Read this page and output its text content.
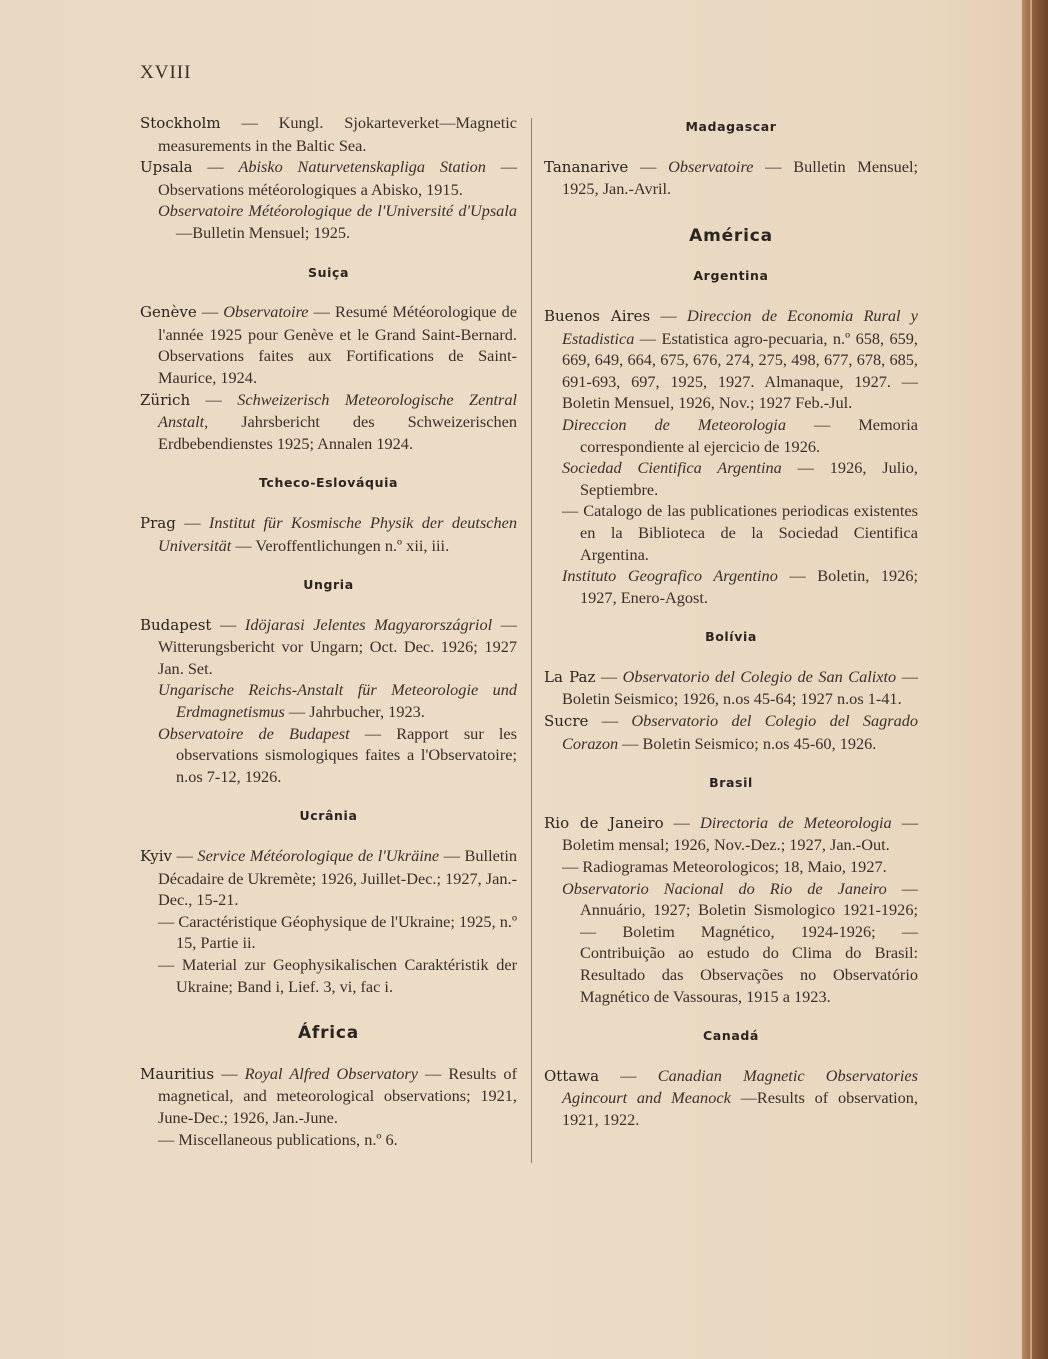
XVIII
Stockholm — Kungl. Sjokarteverket—Magnetic measurements in the Baltic Sea.
Upsala — Abisko Naturvetenskapliga Station — Observations météorologiques a Abisko, 1915.
Observatoire Météorologique de l'Université d'Upsala —Bulletin Mensuel; 1925.
Suiça
Genève — Observatoire — Resumé Météorologique de l'année 1925 pour Genève et le Grand Saint-Bernard. Observations faites aux Fortifications de Saint-Maurice, 1924.
Zürich — Schweizerisch Meteorologische Zentral Anstalt, Jahrsbericht des Schweizerischen Erdbebendienstes 1925; Annalen 1924.
Tcheco-Eslováquia
Prag — Institut für Kosmische Physik der deutschen Universität — Veroffentlichungen n.º xii, iii.
Ungria
Budapest — Idöjarasi Jelentes Magyarországriol — Witterungsbericht vor Ungarn; Oct. Dec. 1926; 1927 Jan. Set.
Ungarische Reichs-Anstalt für Meteorologie und Erdmagnetismus — Jahrbucher, 1923.
Observatoire de Budapest — Rapport sur les observations sismologiques faites a l'Observatoire; n.os 7-12, 1926.
Ucrânia
Kyiv — Service Météorologique de l'Ukräine — Bulletin Décadaire de Ukremète; 1926, Juillet-Dec.; 1927, Jan.-Dec., 15-21.
— Caractéristique Géophysique de l'Ukraine; 1925, n.º 15, Partie ii.
— Material zur Geophysikalischen Caraktéristik der Ukraine; Band i, Lief. 3, vi, fac i.
África
Mauritius — Royal Alfred Observatory — Results of magnetical, and meteorological observations; 1921, June-Dec.; 1926, Jan.-June.
— Miscellaneous publications, n.º 6.
Madagascar
Tananarive — Observatoire — Bulletin Mensuel; 1925, Jan.-Avril.
América
Argentina
Buenos Aires — Direccion de Economia Rural y Estadistica — Estatistica agro-pecuaria, n.º 658, 659, 669, 649, 664, 675, 676, 274, 275, 498, 677, 678, 685, 691-693, 697, 1925, 1927. Almanaque, 1927. — Boletin Mensuel, 1926, Nov.; 1927 Feb.-Jul.
Direccion de Meteorologia — Memoria correspondiente al ejercicio de 1926.
Sociedad Cientifica Argentina — 1926, Julio, Septiembre.
— Catalogo de las publicationes periodicas existentes en la Biblioteca de la Sociedad Cientifica Argentina.
Instituto Geografico Argentino — Boletin, 1926; 1927, Enero-Agost.
Bolívia
La Paz — Observatorio del Colegio de San Calixto — Boletin Seismico; 1926, n.os 45-64; 1927 n.os 1-41.
Sucre — Observatorio del Colegio del Sagrado Corazon — Boletin Seismico; n.os 45-60, 1926.
Brasil
Rio de Janeiro — Directoria de Meteorologia — Boletim mensal; 1926, Nov.-Dez.; 1927, Jan.-Out.
— Radiogramas Meteorologicos; 18, Maio, 1927.
Observatorio Nacional do Rio de Janeiro — Annuário, 1927; Boletin Sismologico 1921-1926; — Boletim Magnético, 1924-1926; — Contribuição ao estudo do Clima do Brasil: Resultado das Observações no Observatório Magnético de Vassouras, 1915 a 1923.
Canadá
Ottawa — Canadian Magnetic Observatories Agincourt and Meanock —Results of observation, 1921, 1922.
